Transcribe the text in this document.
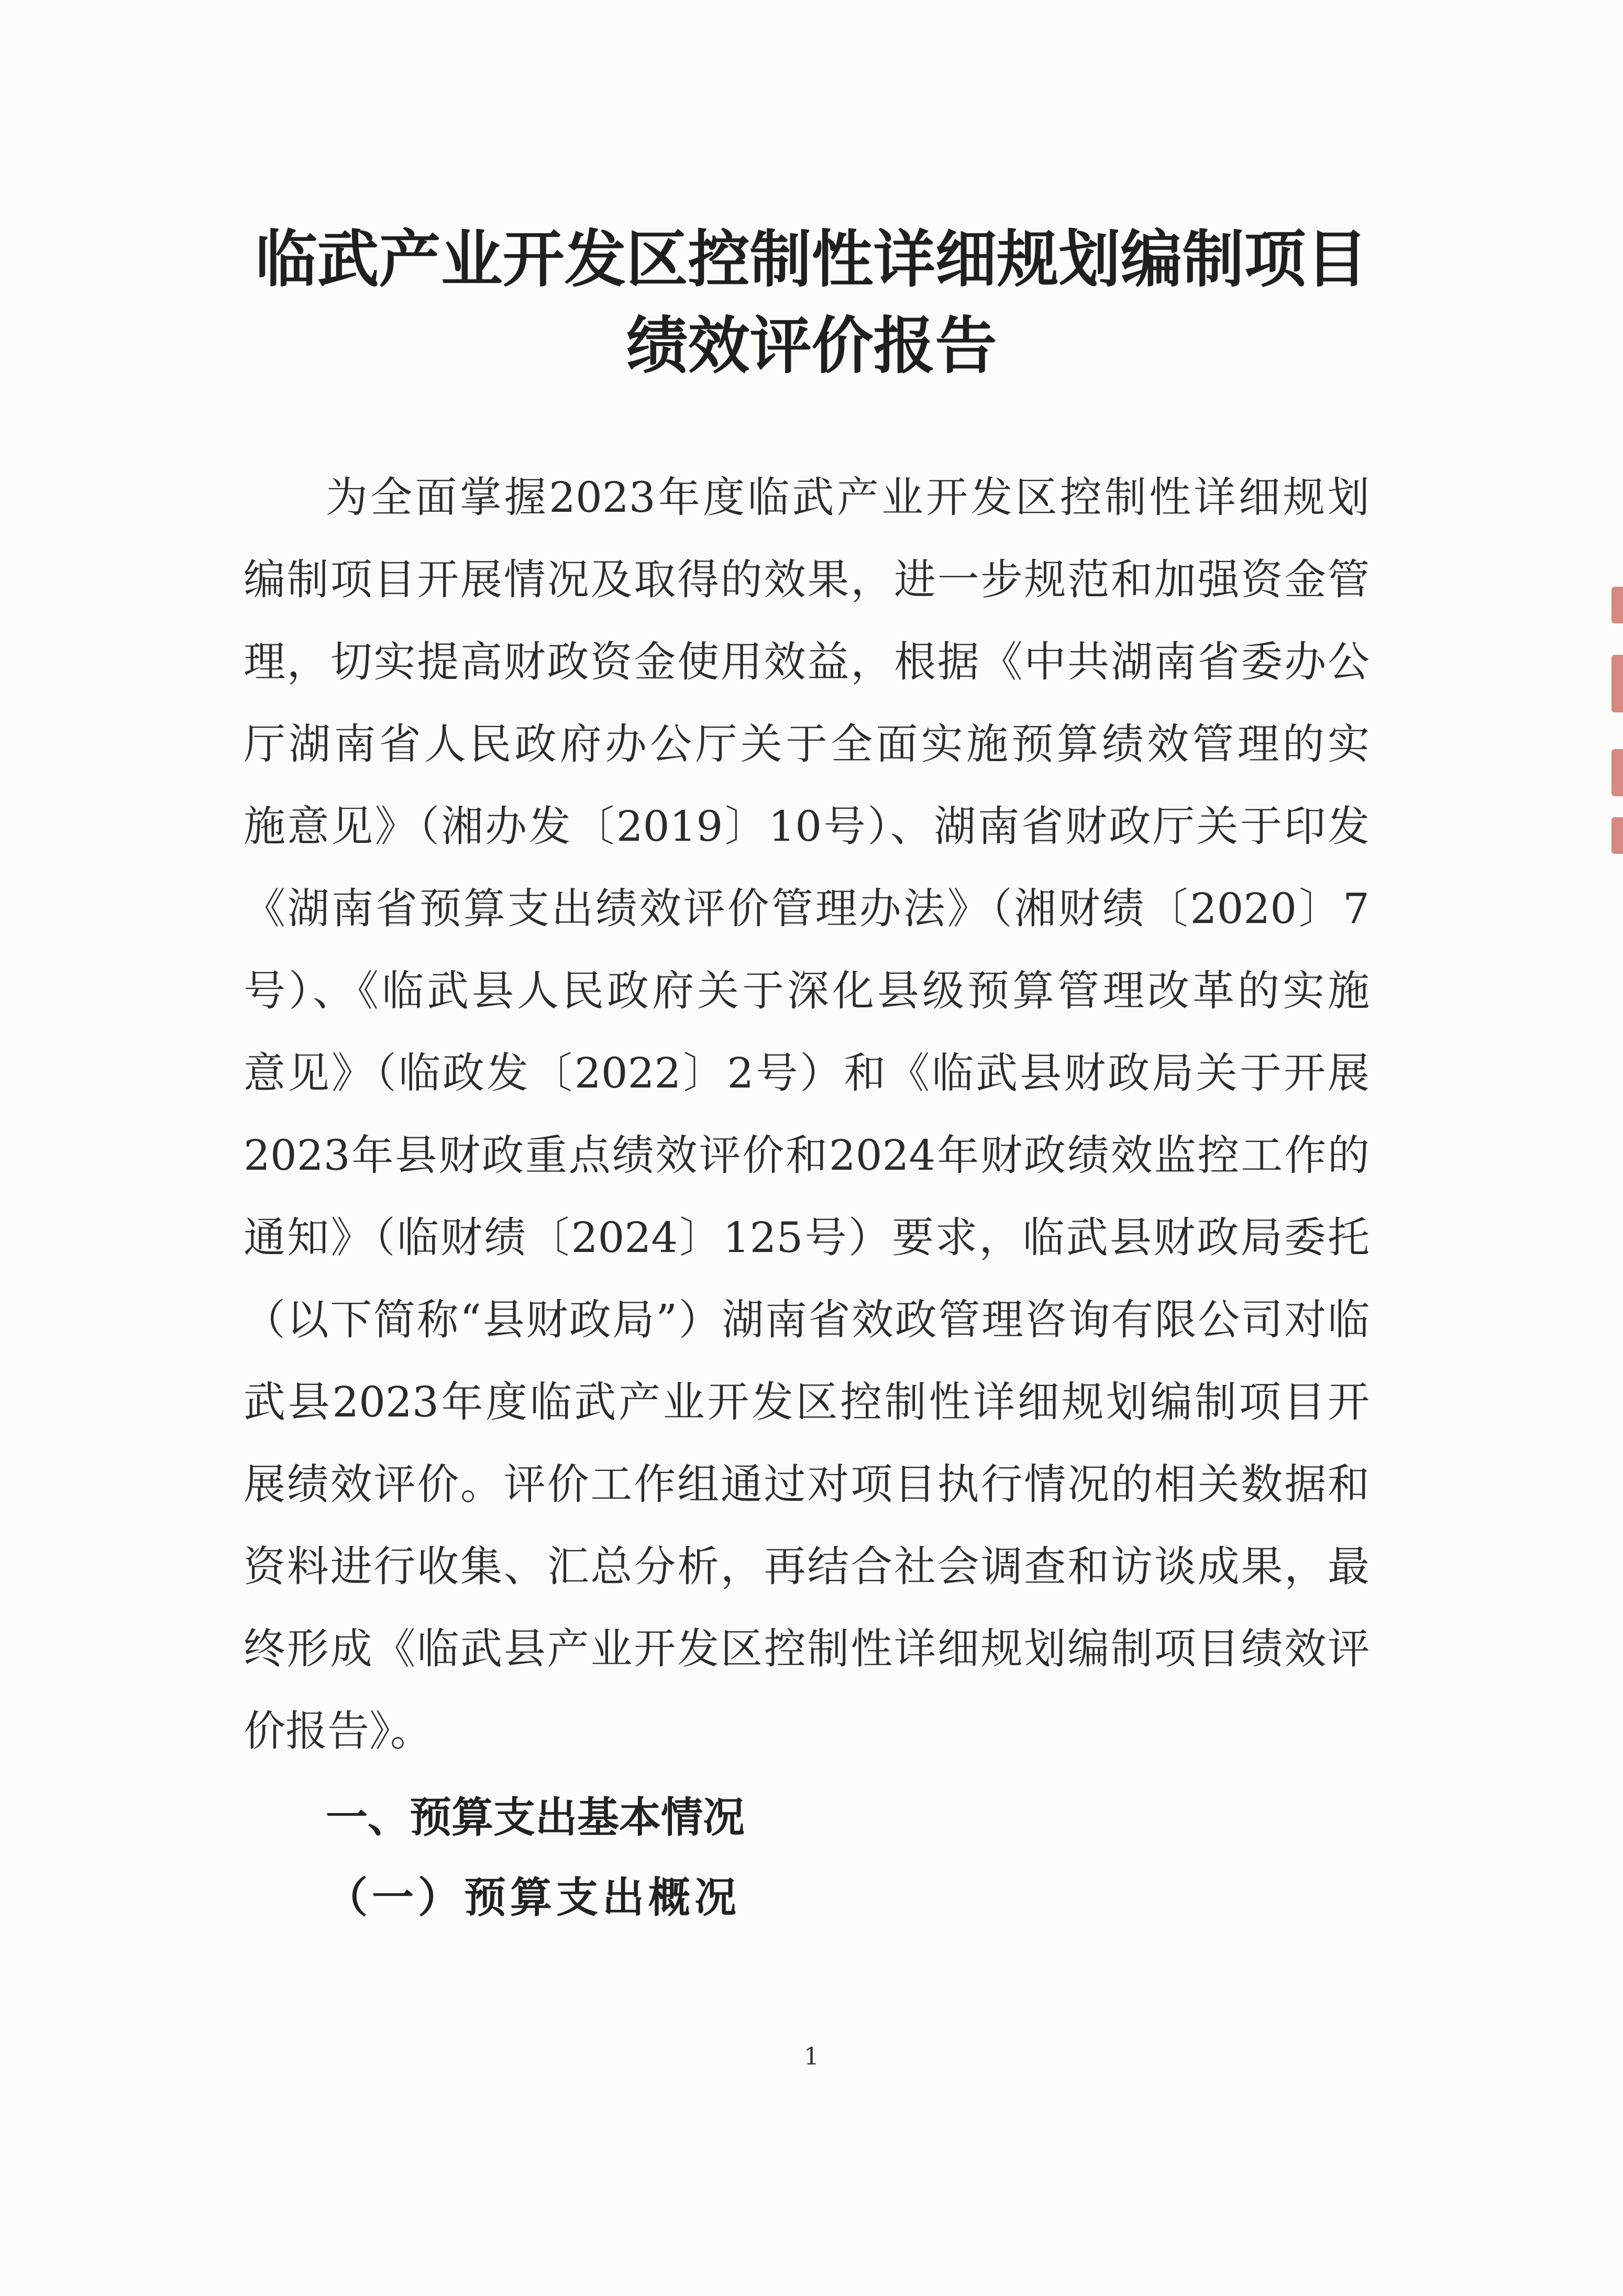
临武产业开发区控制性详细规划编制项目
绩效评价报告
为全面掌握2023年度临武产业开发区控制性详细规划
编制项目开展情况及取得的效果，进一步规范和加强资金管
理，切实提高财政资金使用效益，根据《中共湖南省委办公
厅湖南省人民政府办公厅关于全面实施预算绩效管理的实
施意见》（湘办发〔2019〕10号）、湖南省财政厅关于印发
《湖南省预算支出绩效评价管理办法》（湘财绩〔2020〕7
号）、《临武县人民政府关于深化县级预算管理改革的实施
意见》（临政发〔2022〕2号）和《临武县财政局关于开展
2023年县财政重点绩效评价和2024年财政绩效监控工作的
通知》（临财绩〔2024〕125号）要求，临武县财政局委托
（以下简称“县财政局”）湖南省效政管理咨询有限公司对临
武县2023年度临武产业开发区控制性详细规划编制项目开
展绩效评价。评价工作组通过对项目执行情况的相关数据和
资料进行收集、汇总分析，再结合社会调查和访谈成果，最
终形成《临武县产业开发区控制性详细规划编制项目绩效评
价报告》。
一、预算支出基本情况
（一）预算支出概况
1
